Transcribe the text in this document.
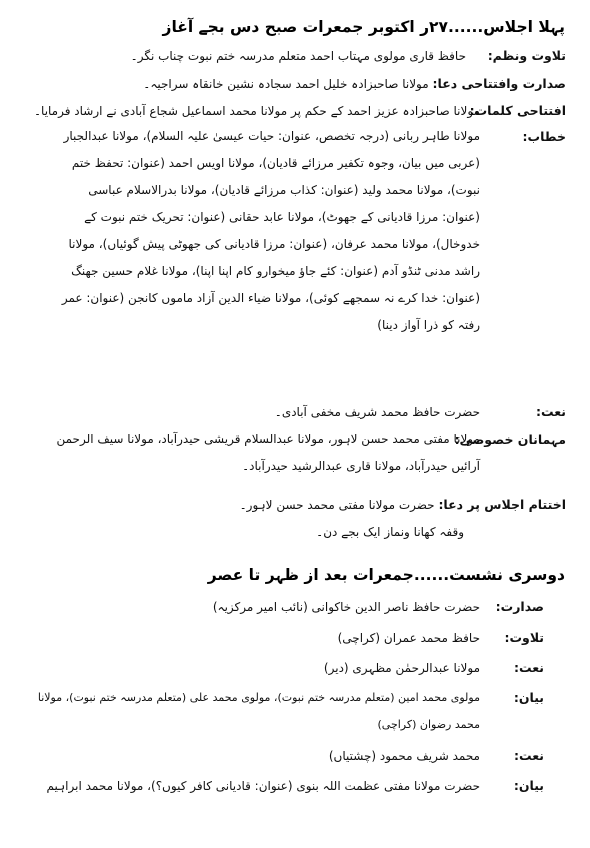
پہلا اجلاس......۲۷ر اکتوبر جمعرات صبح دس بجے آغاز
تلاوت ونظم:
حافظ قاری مولوی مہتاب احمد متعلم مدرسہ ختم نبوت چناب نگر۔
صدارت وافتتاحی دعا: مولانا صاحبزادہ خلیل احمد سجادہ نشین خانقاہ سراجیہ۔
افتتاحی کلمات:
مولانا صاحبزادہ عزیز احمد کے حکم پر مولانا محمد اسماعیل شجاع آبادی نے ارشاد فرمایا۔
خطاب:
مولانا طاہر ربانی (درجہ تخصص، عنوان: حیات عیسیٰ علیہ السلام)، مولانا عبدالجبار
(عربی میں بیان، وجوہ تکفیر مرزائے قادیان)، مولانا اویس احمد (عنوان: تحفظ ختم
نبوت)، مولانا محمد ولید (عنوان: کذاب مرزائے قادیان)، مولانا بدرالاسلام عباسی
(عنوان: مرزا قادیانی کے جھوٹ)، مولانا عابد حقانی (عنوان: تحریک ختم نبوت کے
خدوخال)، مولانا محمد عرفان، (عنوان: مرزا قادیانی کی جھوٹی پیش گوئیاں)، مولانا
راشد مدنی ٹنڈو آدم (عنوان: کئے جاؤ میخوارو کام اپنا اپنا)، مولانا غلام حسین جھنگ
(عنوان: خدا کرے نہ سمجھے کوئی)، مولانا ضیاء الدین آزاد ماموں کانجن (عنوان: عمر
رفتہ کو ذرا آواز دینا)
نعت:
حضرت حافظ محمد شریف مخفی آبادی۔
مہمانان خصوصی:
مولانا مفتی محمد حسن لاہور، مولانا عبدالسلام قریشی حیدرآباد، مولانا سیف الرحمن
آرائیں حیدرآباد، مولانا قاری عبدالرشید حیدرآباد۔
اختتام اجلاس پر دعا: حضرت مولانا مفتی محمد حسن لاہور۔
وقفہ کھانا ونماز ایک بجے دن۔
دوسری نشست......جمعرات بعد از ظہر تا عصر
صدارت:
حضرت حافظ ناصر الدین خاکوانی (نائب امیر مرکزیہ)
تلاوت:
حافظ محمد عمران (کراچی)
نعت:
مولانا عبدالرحمٰن مظہری (دیر)
بیان:
مولوی محمد امین (متعلم مدرسہ ختم نبوت)، مولوی محمد علی (متعلم مدرسہ ختم نبوت)، مولانا
محمد رضوان (کراچی)
نعت:
محمد شریف محمود (چشتیاں)
بیان:
حضرت مولانا مفتی عظمت اللہ بنوی (عنوان: قادیانی کافر کیوں؟)، مولانا محمد ابراہیم
